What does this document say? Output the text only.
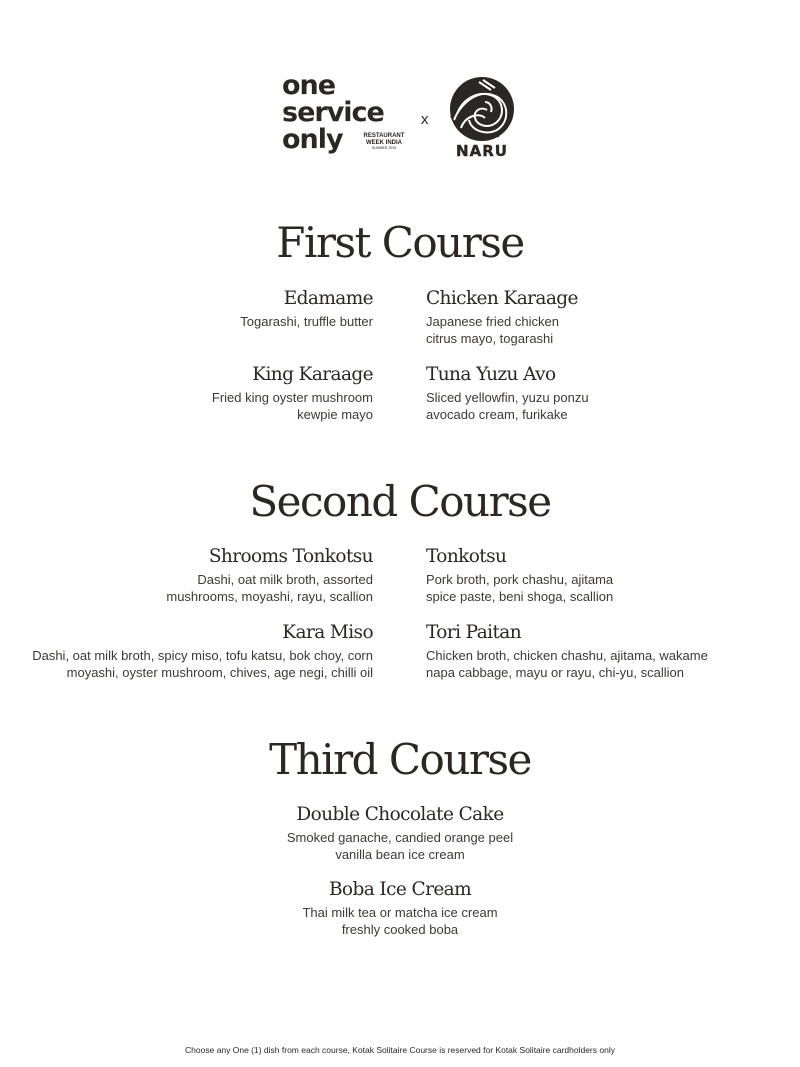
one
service
only	RESTAURANT
WEEK INDIA
SUMMER 2025
x
NARU
First Course
Edamame
Togarashi, truffle butter
Chicken Karaage
Japanese fried chicken
citrus mayo, togarashi
King Karaage
Fried king oyster mushroom
kewpie mayo
Tuna Yuzu Avo
Sliced yellowfin, yuzu ponzu
avocado cream, furikake
Second Course
Shrooms Tonkotsu
Dashi, oat milk broth, assorted
mushrooms, moyashi, rayu, scallion
Tonkotsu
Pork broth, pork chashu, ajitama
spice paste, beni shoga, scallion
Kara Miso
Dashi, oat milk broth, spicy miso, tofu katsu, bok choy, corn
moyashi, oyster mushroom, chives, age negi, chilli oil
Tori Paitan
Chicken broth, chicken chashu, ajitama, wakame
napa cabbage, mayu or rayu, chi-yu, scallion
Third Course
Double Chocolate Cake
Smoked ganache, candied orange peel
vanilla bean ice cream
Boba Ice Cream
Thai milk tea or matcha ice cream
freshly cooked boba
Choose any One (1) dish from each course, Kotak Solitaire Course is reserved for Kotak Solitaire cardholders only
